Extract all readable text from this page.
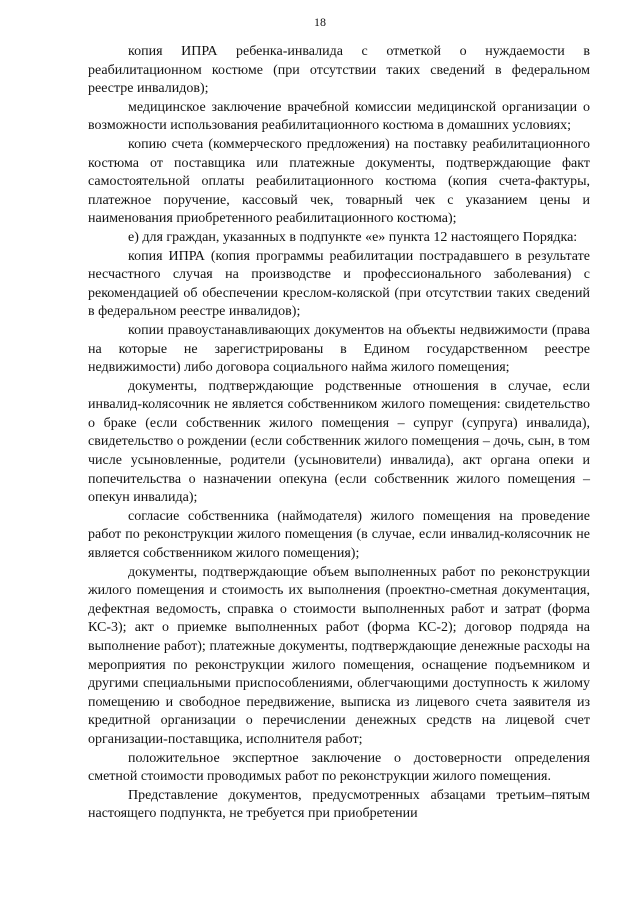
18

копия ИПРА ребенка-инвалида с отметкой о нуждаемости в реабилитационном костюме (при отсутствии таких сведений в федеральном реестре инвалидов);

медицинское заключение врачебной комиссии медицинской организации о возможности использования реабилитационного костюма в домашних условиях;

копию счета (коммерческого предложения) на поставку реабилитационного костюма от поставщика или платежные документы, подтверждающие факт самостоятельной оплаты реабилитационного костюма (копия счета-фактуры, платежное поручение, кассовый чек, товарный чек с указанием цены и наименования приобретенного реабилитационного костюма);

е) для граждан, указанных в подпункте «е» пункта 12 настоящего Порядка:

копия ИПРА (копия программы реабилитации пострадавшего в результате несчастного случая на производстве и профессионального заболевания) с рекомендацией об обеспечении креслом-коляской (при отсутствии таких сведений в федеральном реестре инвалидов);

копии правоустанавливающих документов на объекты недвижимости (права на которые не зарегистрированы в Едином государственном реестре недвижимости) либо договора социального найма жилого помещения;

документы, подтверждающие родственные отношения в случае, если инвалид-колясочник не является собственником жилого помещения: свидетельство о браке (если собственник жилого помещения – супруг (супруга) инвалида), свидетельство о рождении (если собственник жилого помещения – дочь, сын, в том числе усыновленные, родители (усыновители) инвалида), акт органа опеки и попечительства о назначении опекуна (если собственник жилого помещения – опекун инвалида);

согласие собственника (наймодателя) жилого помещения на проведение работ по реконструкции жилого помещения (в случае, если инвалид-колясочник не является собственником жилого помещения);

документы, подтверждающие объем выполненных работ по реконструкции жилого помещения и стоимость их выполнения (проектно-сметная документация, дефектная ведомость, справка о стоимости выполненных работ и затрат (форма КС-3); акт о приемке выполненных работ (форма КС-2); договор подряда на выполнение работ); платежные документы, подтверждающие денежные расходы на мероприятия по реконструкции жилого помещения, оснащение подъемником и другими специальными приспособлениями, облегчающими доступность к жилому помещению и свободное передвижение, выписка из лицевого счета заявителя из кредитной организации о перечислении денежных средств на лицевой счет организации-поставщика, исполнителя работ;

положительное экспертное заключение о достоверности определения сметной стоимости проводимых работ по реконструкции жилого помещения.

Представление документов, предусмотренных абзацами третьим–пятым настоящего подпункта, не требуется при приобретении
